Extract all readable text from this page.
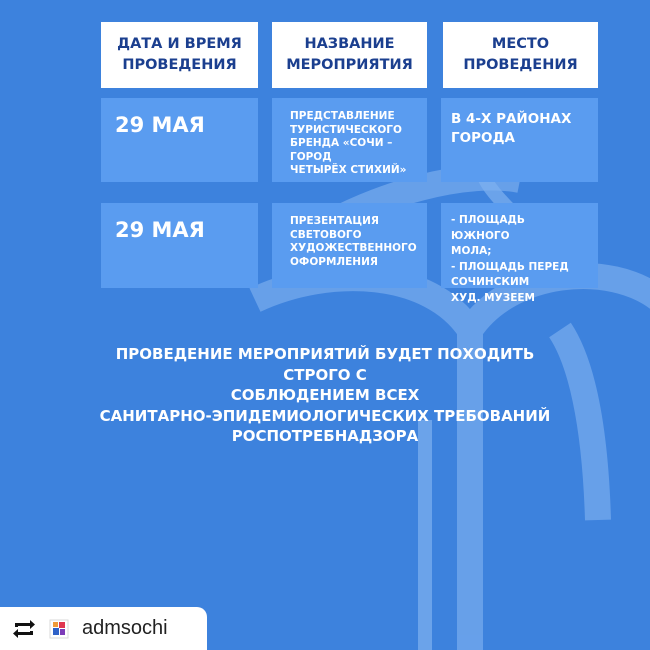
ДАТА И ВРЕМЯ
ПРОВЕДЕНИЯ
НАЗВАНИЕ
МЕРОПРИЯТИЯ
МЕСТО
ПРОВЕДЕНИЯ
29 МАЯ	ПРЕДСТАВЛЕНИЕ
ТУРИСТИЧЕСКОГО
БРЕНДА «СОЧИ – ГОРОД
ЧЕТЫРЁХ СТИХИЙ»
В 4-Х РАЙОНАХ
ГОРОДА
29 МАЯ	ПРЕЗЕНТАЦИЯ
СВЕТОВОГО
ХУДОЖЕСТВЕННОГО
ОФОРМЛЕНИЯ
- ПЛОЩАДЬ ЮЖНОГО
МОЛА;
- ПЛОЩАДЬ ПЕРЕД
СОЧИНСКИМ
ХУД. МУЗЕЕМ
ПРОВЕДЕНИЕ МЕРОПРИЯТИЙ БУДЕТ ПОХОДИТЬ СТРОГО С
СОБЛЮДЕНИЕМ ВСЕХ
САНИТАРНО-ЭПИДЕМИОЛОГИЧЕСКИХ ТРЕБОВАНИЙ
РОСПОТРЕБНАДЗОРА
admsochi
